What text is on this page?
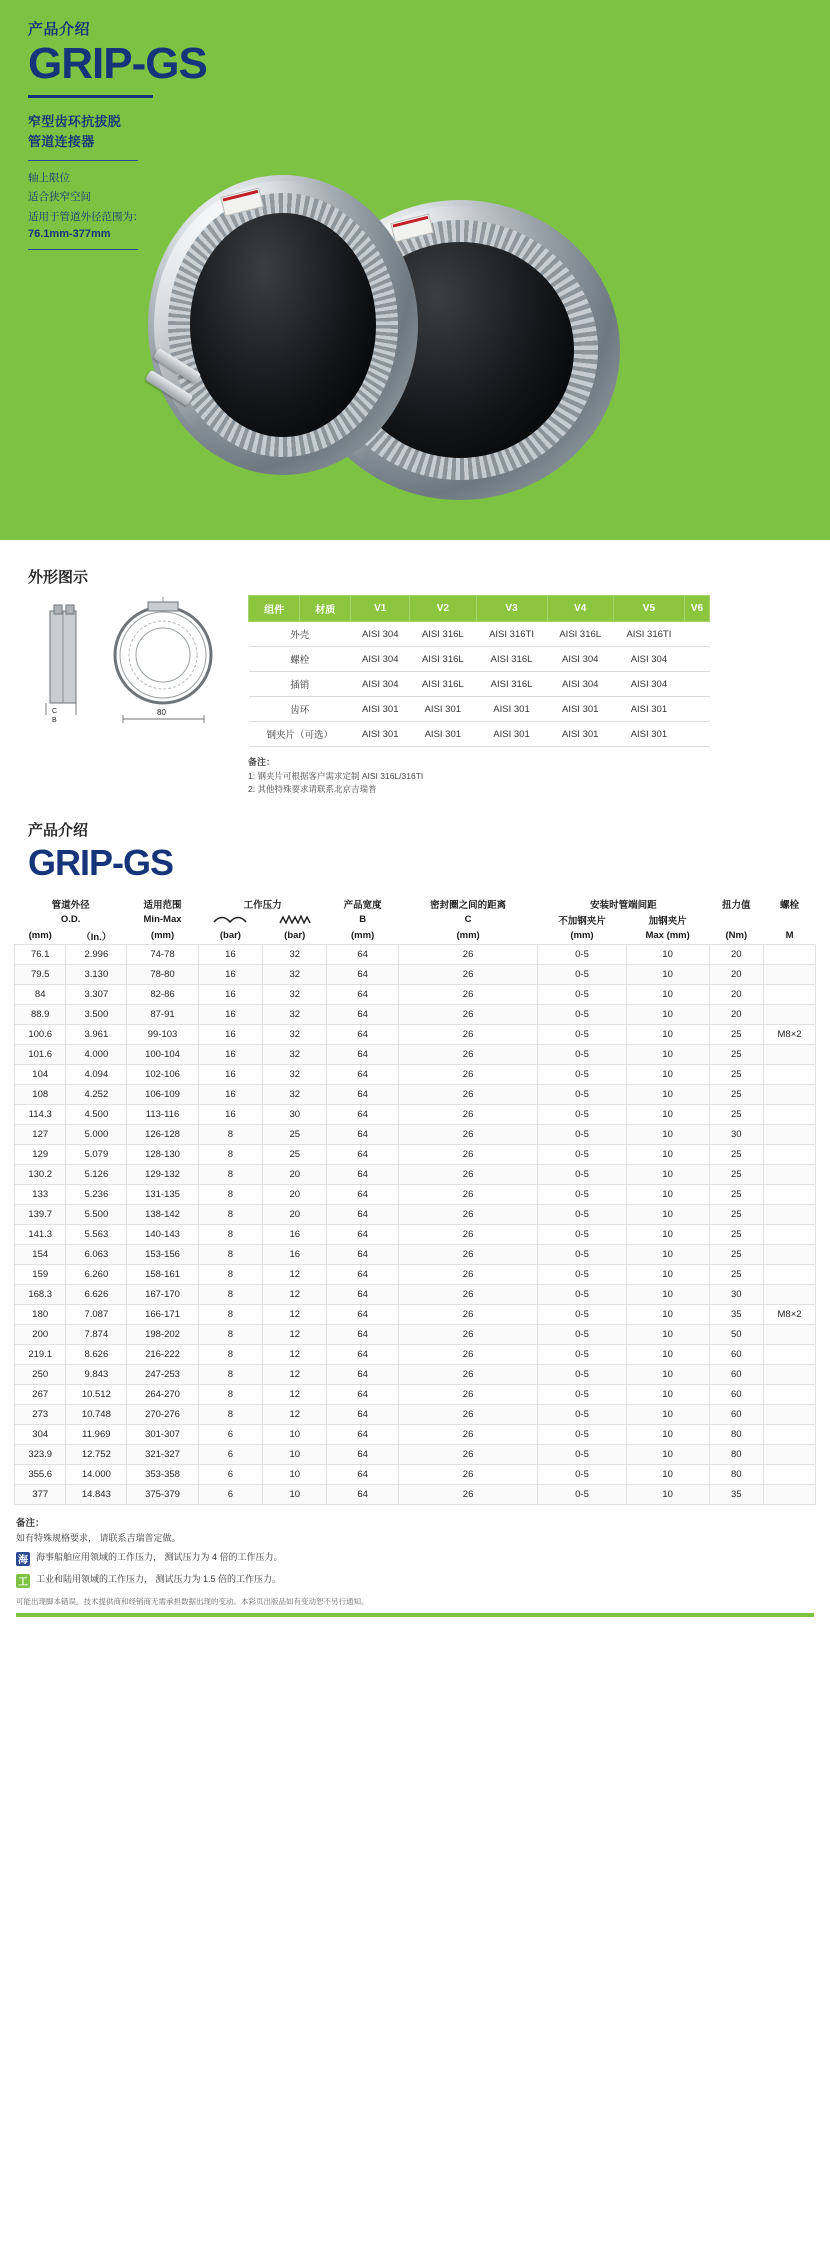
产品介绍
GRIP-GS
窄型齿环抗拔脱
管道连接器
轴上限位
适合狭窄空间
适用于管道外径范围为：
76.1mm-377mm
外形图示
C
B
80
组件	材质	V1	V2	V3	V4	V5	V6
外壳		AISI 304	AISI 316L	AISI 316TI	AISI 316L	AISI 316TI	
螺栓		AISI 304	AISI 316L	AISI 316L	AISI 304	AISI 304	
插销		AISI 304	AISI 316L	AISI 316L	AISI 304	AISI 304	
齿环		AISI 301	AISI 301	AISI 301	AISI 301	AISI 301	
钢夹片（可选）		AISI 301	AISI 301	AISI 301	AISI 301	AISI 301	
备注：
1: 钢夹片可根据客户需求定制 AISI 316L/316TI
2: 其他特殊要求请联系北京吉瑞普
产品介绍
GRIP-GS
管道外径		适用范围	工作压力		产品宽度	密封圈之间的距离	安装时管端间距		扭力值	螺栓
O.D.		Min-Max			B	C	不加钢夹片	加钢夹片		
(mm)	（In.）	(mm)	(bar)	(bar)	(mm)	(mm)	(mm)	Max (mm)	(Nm)	M
76.1	2.996	74-78	16	32	64	26	0-5	10	20	
79.5	3.130	78-80	16	32	64	26	0-5	10	20	
84	3.307	82-86	16	32	64	26	0-5	10	20	
88.9	3.500	87-91	16	32	64	26	0-5	10	20	
100.6	3.961	99-103	16	32	64	26	0-5	10	25	M8×2
101.6	4.000	100-104	16	32	64	26	0-5	10	25	
104	4.094	102-106	16	32	64	26	0-5	10	25	
108	4.252	106-109	16	32	64	26	0-5	10	25	
114.3	4.500	113-116	16	30	64	26	0-5	10	25	
127	5.000	126-128	8	25	64	26	0-5	10	30	
129	5.079	128-130	8	25	64	26	0-5	10	25	
130.2	5.126	129-132	8	20	64	26	0-5	10	25	
133	5.236	131-135	8	20	64	26	0-5	10	25	
139.7	5.500	138-142	8	20	64	26	0-5	10	25	
141.3	5.563	140-143	8	16	64	26	0-5	10	25	
154	6.063	153-156	8	16	64	26	0-5	10	25	
159	6.260	158-161	8	12	64	26	0-5	10	25	
168.3	6.626	167-170	8	12	64	26	0-5	10	30	
180	7.087	166-171	8	12	64	26	0-5	10	35	M8×2
200	7.874	198-202	8	12	64	26	0-5	10	50	
219.1	8.626	216-222	8	12	64	26	0-5	10	60	
250	9.843	247-253	8	12	64	26	0-5	10	60	
267	10.512	264-270	8	12	64	26	0-5	10	60	
273	10.748	270-276	8	12	64	26	0-5	10	60	
304	11.969	301-307	6	10	64	26	0-5	10	80	
323.9	12.752	321-327	6	10	64	26	0-5	10	80	
355.6	14.000	353-358	6	10	64	26	0-5	10	80	
377	14.843	375-379	6	10	64	26	0-5	10	35	
备注：
如有特殊规格要求， 请联系吉瑞普定做。
海 海事船舶应用领域的工作压力， 测试压力为 4 倍的工作压力。
工 工业和陆用领域的工作压力， 测试压力为 1.5 倍的工作压力。
可能出现脚本错误。技术提供商和经销商无需承担数据出现的变动。本彩页出版品如有变动恕不另行通知。
